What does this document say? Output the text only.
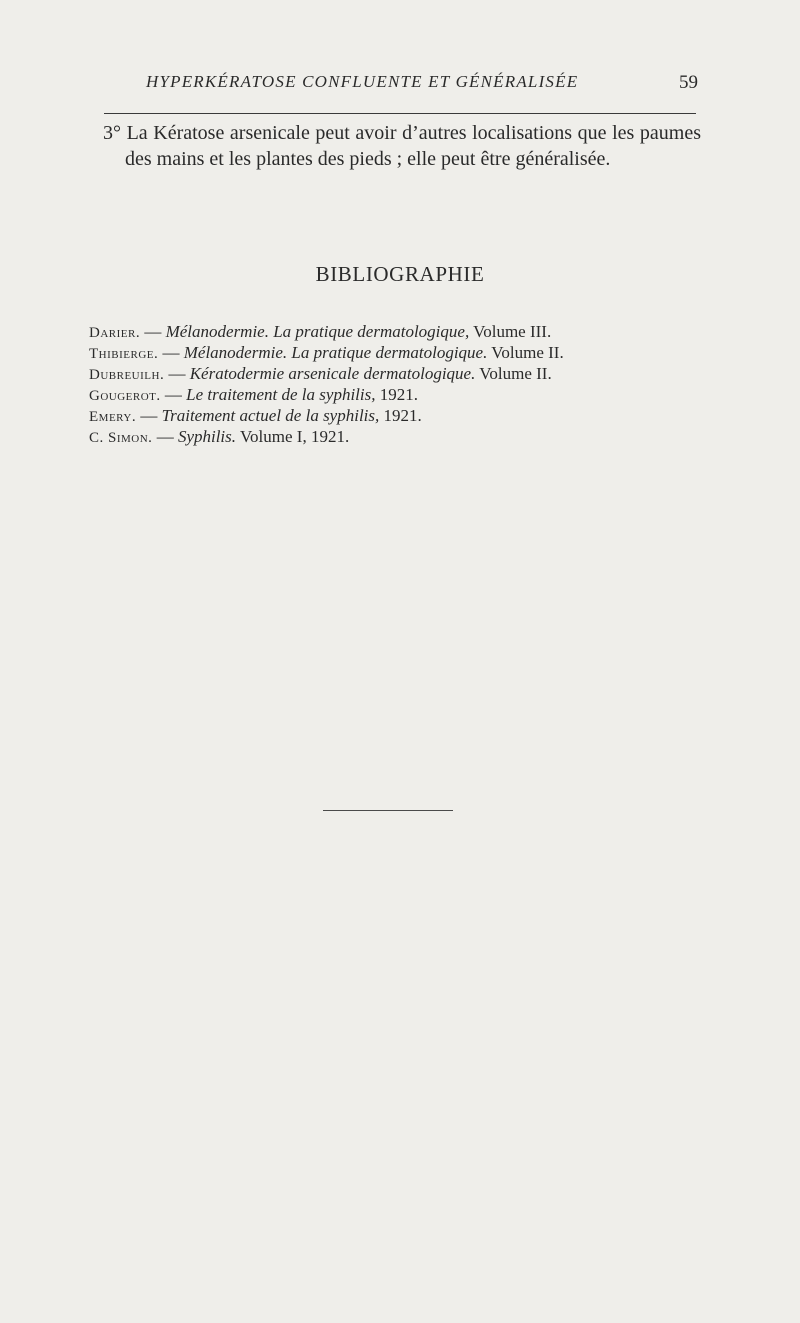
HYPERKÉRATOSE CONFLUENTE ET GÉNÉRALISÉE	59

3° La Kératose arsenicale peut avoir d’autres localisations que les paumes des mains et les plantes des pieds ; elle peut être généralisée.

BIBLIOGRAPHIE
Darier. — Mélanodermie. La pratique dermatologique, Volume III.
Thibierge. — Mélanodermie. La pratique dermatologique. Volume II.
Dubreuilh. — Kératodermie arsenicale dermatologique. Volume II.
Gougerot. — Le traitement de la syphilis, 1921.
Emery. — Traitement actuel de la syphilis, 1921.
C. Simon. — Syphilis. Volume I, 1921.
